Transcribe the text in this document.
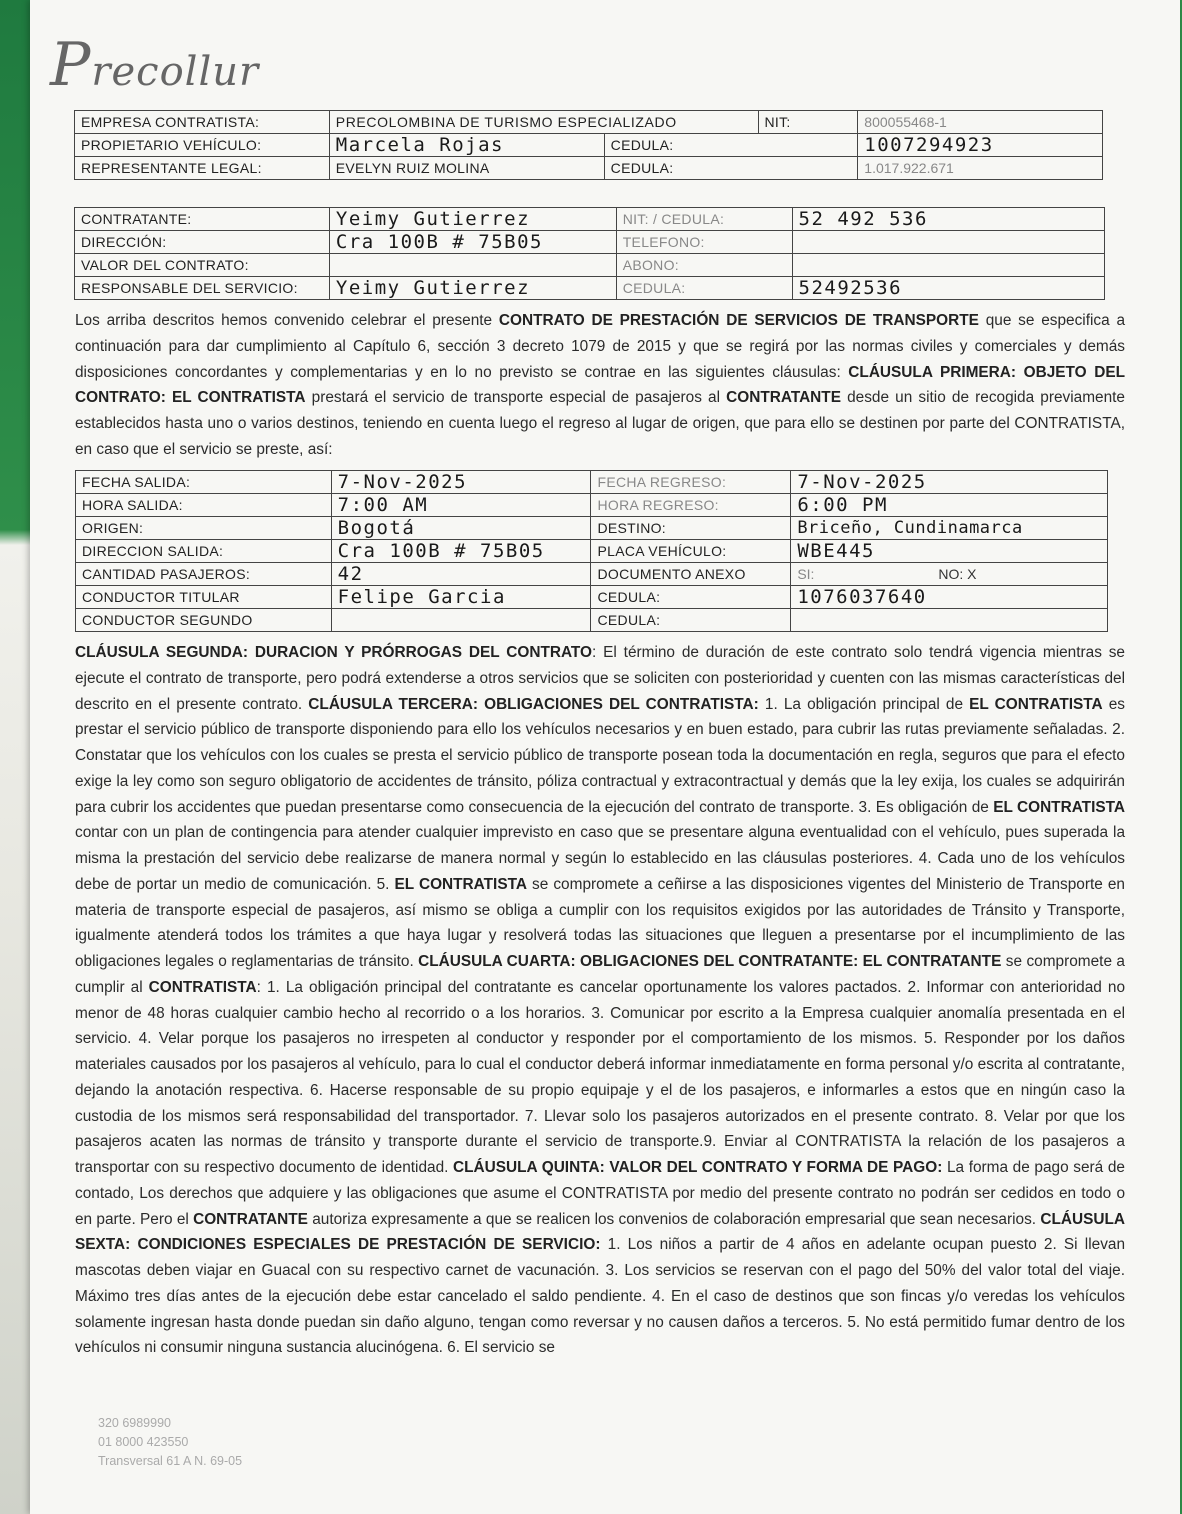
Precollur
EMPRESA CONTRATISTA:	PRECOLOMBINA DE TURISMO ESPECIALIZADO		NIT:	800055468-1
PROPIETARIO VEHÍCULO:	Marcela Rojas	CEDULA:		1007294923
REPRESENTANTE LEGAL:	EVELYN RUIZ MOLINA	CEDULA:		1.017.922.671
CONTRATANTE:	Yeimy Gutierrez	NIT: / CEDULA:	52 492 536
DIRECCIÓN:	Cra 100B # 75B05	TELEFONO:	
VALOR DEL CONTRATO:		ABONO:	
RESPONSABLE DEL SERVICIO:	Yeimy Gutierrez	CEDULA:	52492536
Los arriba descritos hemos convenido celebrar el presente CONTRATO DE PRESTACIÓN DE SERVICIOS DE TRANSPORTE que se especifica a continuación para dar cumplimiento al Capítulo 6, sección 3 decreto 1079 de 2015 y que se regirá por las normas civiles y comerciales y demás disposiciones concordantes y complementarias y en lo no previsto se contrae en las siguientes cláusulas: CLÁUSULA PRIMERA: OBJETO DEL CONTRATO: EL CONTRATISTA prestará el servicio de transporte especial de pasajeros al CONTRATANTE desde un sitio de recogida previamente establecidos hasta uno o varios destinos, teniendo en cuenta luego el regreso al lugar de origen, que para ello se destinen por parte del CONTRATISTA, en caso que el servicio se preste, así:
FECHA SALIDA:	7-Nov-2025	FECHA REGRESO:	7-Nov-2025
HORA SALIDA:	7:00 AM	HORA REGRESO:	6:00 PM
ORIGEN:	Bogotá	DESTINO:	Briceño, Cundinamarca
DIRECCION SALIDA:	Cra 100B # 75B05	PLACA VEHÍCULO:	WBE445
CANTIDAD PASAJEROS:	42	DOCUMENTO ANEXO	SI: NO: X
CONDUCTOR TITULAR	Felipe Garcia	CEDULA:	1076037640
CONDUCTOR SEGUNDO		CEDULA:	
CLÁUSULA SEGUNDA: DURACION Y PRÓRROGAS DEL CONTRATO: El término de duración de este contrato solo tendrá vigencia mientras se ejecute el contrato de transporte, pero podrá extenderse a otros servicios que se soliciten con posterioridad y cuenten con las mismas características del descrito en el presente contrato. CLÁUSULA TERCERA: OBLIGACIONES DEL CONTRATISTA: 1. La obligación principal de EL CONTRATISTA es prestar el servicio público de transporte disponiendo para ello los vehículos necesarios y en buen estado, para cubrir las rutas previamente señaladas. 2. Constatar que los vehículos con los cuales se presta el servicio público de transporte posean toda la documentación en regla, seguros que para el efecto exige la ley como son seguro obligatorio de accidentes de tránsito, póliza contractual y extracontractual y demás que la ley exija, los cuales se adquirirán para cubrir los accidentes que puedan presentarse como consecuencia de la ejecución del contrato de transporte. 3. Es obligación de EL CONTRATISTA contar con un plan de contingencia para atender cualquier imprevisto en caso que se presentare alguna eventualidad con el vehículo, pues superada la misma la prestación del servicio debe realizarse de manera normal y según lo establecido en las cláusulas posteriores. 4. Cada uno de los vehículos debe de portar un medio de comunicación. 5. EL CONTRATISTA se compromete a ceñirse a las disposiciones vigentes del Ministerio de Transporte en materia de transporte especial de pasajeros, así mismo se obliga a cumplir con los requisitos exigidos por las autoridades de Tránsito y Transporte, igualmente atenderá todos los trámites a que haya lugar y resolverá todas las situaciones que lleguen a presentarse por el incumplimiento de las obligaciones legales o reglamentarias de tránsito. CLÁUSULA CUARTA: OBLIGACIONES DEL CONTRATANTE: EL CONTRATANTE se compromete a cumplir al CONTRATISTA: 1. La obligación principal del contratante es cancelar oportunamente los valores pactados. 2. Informar con anterioridad no menor de 48 horas cualquier cambio hecho al recorrido o a los horarios. 3. Comunicar por escrito a la Empresa cualquier anomalía presentada en el servicio. 4. Velar porque los pasajeros no irrespeten al conductor y responder por el comportamiento de los mismos. 5. Responder por los daños materiales causados por los pasajeros al vehículo, para lo cual el conductor deberá informar inmediatamente en forma personal y/o escrita al contratante, dejando la anotación respectiva. 6. Hacerse responsable de su propio equipaje y el de los pasajeros, e informarles a estos que en ningún caso la custodia de los mismos será responsabilidad del transportador. 7. Llevar solo los pasajeros autorizados en el presente contrato. 8. Velar por que los pasajeros acaten las normas de tránsito y transporte durante el servicio de transporte.9. Enviar al CONTRATISTA la relación de los pasajeros a transportar con su respectivo documento de identidad. CLÁUSULA QUINTA: VALOR DEL CONTRATO Y FORMA DE PAGO: La forma de pago será de contado, Los derechos que adquiere y las obligaciones que asume el CONTRATISTA por medio del presente contrato no podrán ser cedidos en todo o en parte. Pero el CONTRATANTE autoriza expresamente a que se realicen los convenios de colaboración empresarial que sean necesarios. CLÁUSULA SEXTA: CONDICIONES ESPECIALES DE PRESTACIÓN DE SERVICIO: 1. Los niños a partir de 4 años en adelante ocupan puesto 2. Si llevan mascotas deben viajar en Guacal con su respectivo carnet de vacunación. 3. Los servicios se reservan con el pago del 50% del valor total del viaje. Máximo tres días antes de la ejecución debe estar cancelado el saldo pendiente. 4. En el caso de destinos que son fincas y/o veredas los vehículos solamente ingresan hasta donde puedan sin daño alguno, tengan como reversar y no causen daños a terceros. 5. No está permitido fumar dentro de los vehículos ni consumir ninguna sustancia alucinógena. 6. El servicio se
320 6989990
01 8000 423550
Transversal 61 A N. 69-05
